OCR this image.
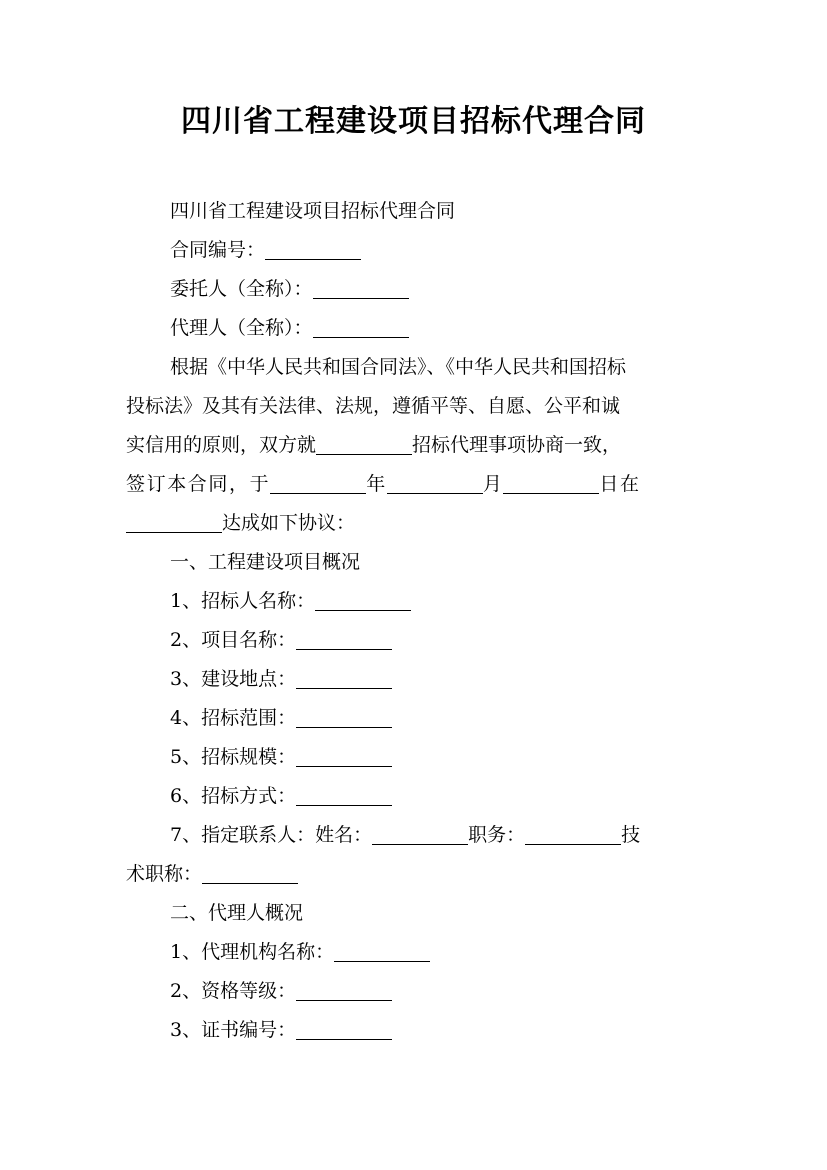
四川省工程建设项目招标代理合同
四川省工程建设项目招标代理合同
合同编号：
委托人（全称）：
代理人（全称）：
根据《中华人民共和国合同法》、《中华人民共和国招标
投标法》及其有关法律、法规，遵循平等、自愿、公平和诚
实信用的原则，双方就	招标代理事项协商一致，
签订本合同，于	年	月	日在
达成如下协议：
一、工程建设项目概况
1、招标人名称：
2、项目名称：
3、建设地点：
4、招标范围：
5、招标规模：
6、招标方式：
7、指定联系人：姓名：	职务：	技
术职称：
二、代理人概况
1、代理机构名称：
2、资格等级：
3、证书编号：
